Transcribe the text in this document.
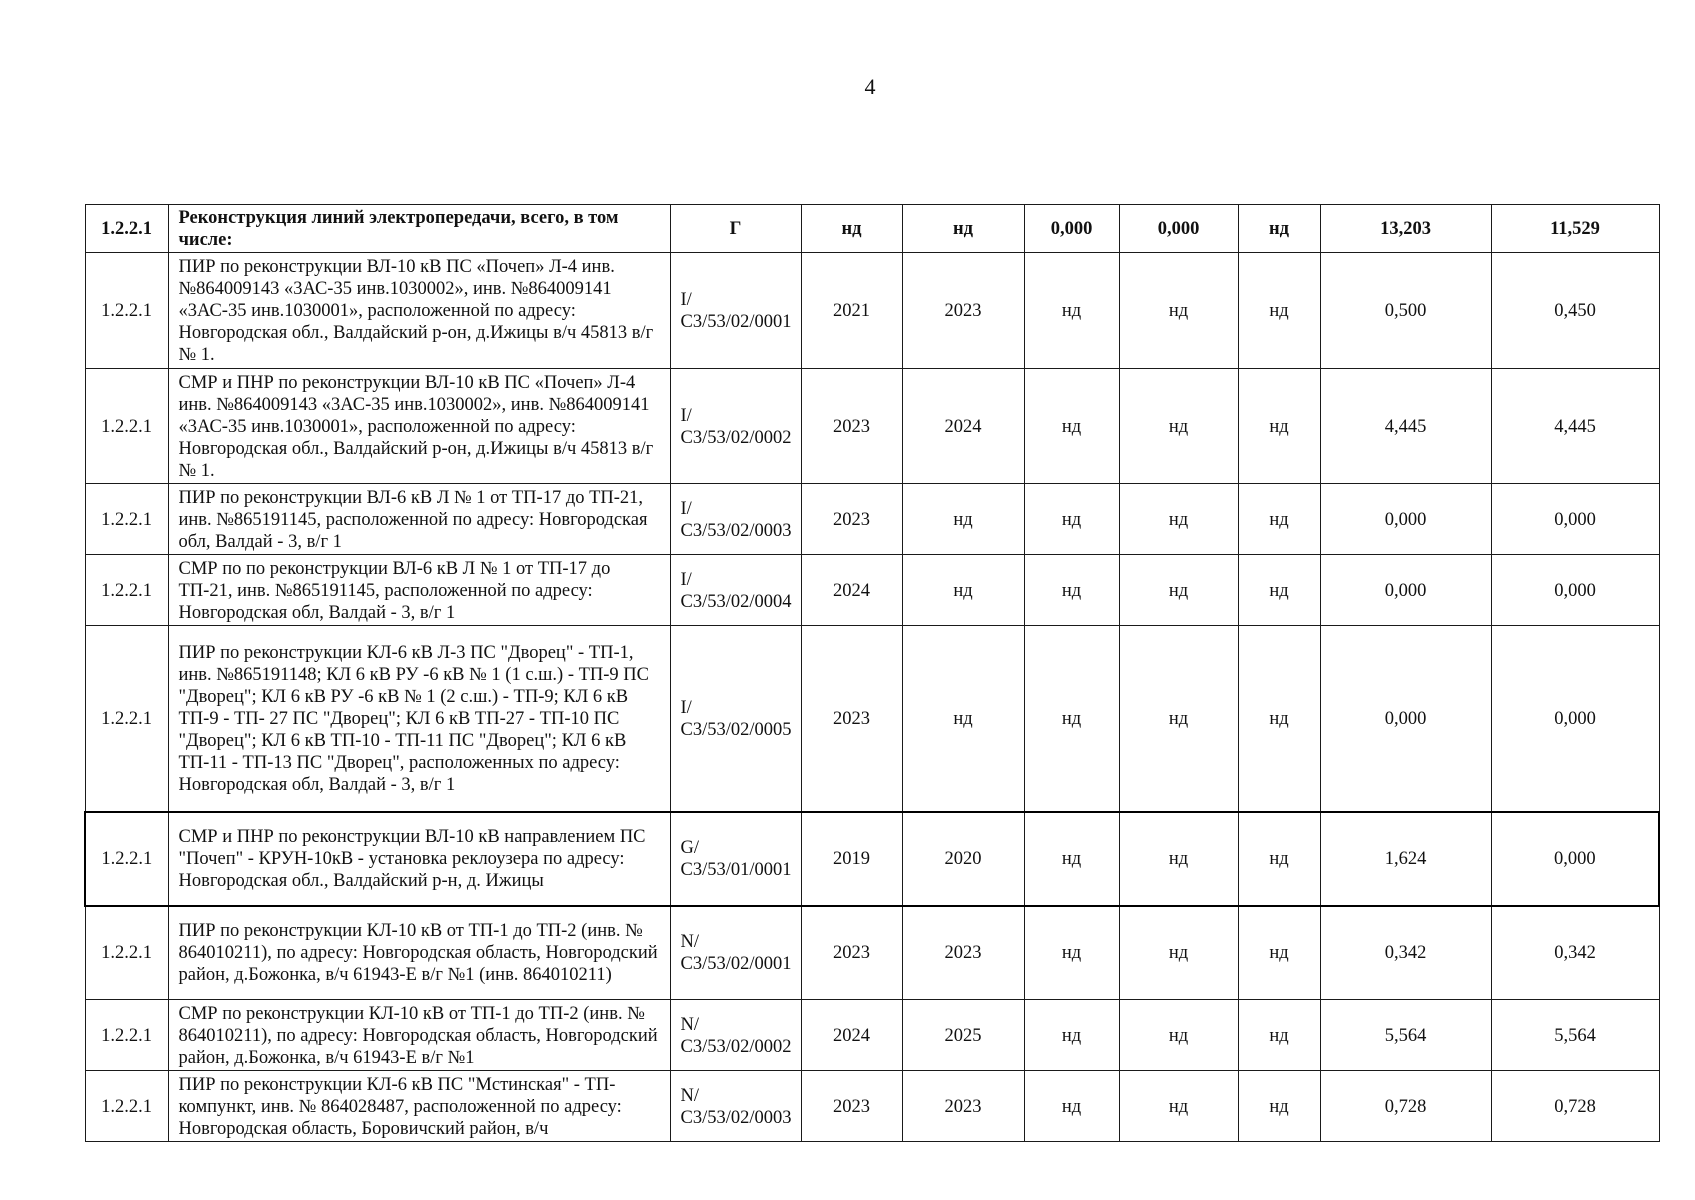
4
1.2.2.1	Реконструкция линий электропередачи, всего, в том числе:	Г	нд	нд	0,000	0,000	нд	13,203	11,529
1.2.2.1	ПИР по реконструкции ВЛ-10 кВ ПС «Почеп» Л-4 инв. №864009143 «3АС-35 инв.1030002», инв. №864009141 «3АС-35 инв.1030001», расположенной по адресу: Новгородская обл., Валдайский р-он, д.Ижицы в/ч 45813 в/г № 1.	I/С3/53/02/0001	2021	2023	нд	нд	нд	0,500	0,450
1.2.2.1	СМР и ПНР по реконструкции ВЛ-10 кВ ПС «Почеп» Л-4 инв. №864009143 «3АС-35 инв.1030002», инв. №864009141 «3АС-35 инв.1030001», расположенной по адресу: Новгородская обл., Валдайский р-он, д.Ижицы в/ч 45813 в/г № 1.	I/С3/53/02/0002	2023	2024	нд	нд	нд	4,445	4,445
1.2.2.1	ПИР по реконструкции ВЛ-6 кВ Л № 1 от ТП-17 до ТП-21, инв. №865191145, расположенной по адресу: Новгородская обл, Валдай - 3, в/г 1	I/С3/53/02/0003	2023	нд	нд	нд	нд	0,000	0,000
1.2.2.1	СМР по по реконструкции ВЛ-6 кВ Л № 1 от ТП-17 до ТП-21, инв. №865191145, расположенной по адресу: Новгородская обл, Валдай - 3, в/г 1	I/С3/53/02/0004	2024	нд	нд	нд	нд	0,000	0,000
1.2.2.1	ПИР по реконструкции КЛ-6 кВ Л-3 ПС "Дворец" - ТП-1, инв. №865191148; КЛ 6 кВ РУ -6 кВ № 1 (1 с.ш.) - ТП-9 ПС "Дворец"; КЛ 6 кВ РУ -6 кВ № 1 (2 с.ш.) - ТП-9; КЛ 6 кВ ТП-9 - ТП- 27 ПС "Дворец"; КЛ 6 кВ ТП-27 - ТП-10 ПС "Дворец"; КЛ 6 кВ ТП-10 - ТП-11 ПС "Дворец"; КЛ 6 кВ ТП-11 - ТП-13 ПС "Дворец", расположенных по адресу: Новгородская обл, Валдай - 3, в/г 1	I/С3/53/02/0005	2023	нд	нд	нд	нд	0,000	0,000
1.2.2.1	СМР и ПНР по реконструкции ВЛ-10 кВ направлением ПС "Почеп" - КРУН-10кВ - установка реклоузера по адресу: Новгородская обл., Валдайский р-н, д. Ижицы	G/С3/53/01/0001	2019	2020	нд	нд	нд	1,624	0,000
1.2.2.1	ПИР по реконструкции КЛ-10 кВ от ТП-1 до ТП-2 (инв. № 864010211), по адресу: Новгородская область, Новгородский район, д.Божонка, в/ч 61943-Е в/г №1 (инв. 864010211)	N/С3/53/02/0001	2023	2023	нд	нд	нд	0,342	0,342
1.2.2.1	СМР по реконструкции КЛ-10 кВ от ТП-1 до ТП-2 (инв. № 864010211), по адресу: Новгородская область, Новгородский район, д.Божонка, в/ч 61943-Е в/г №1	N/С3/53/02/0002	2024	2025	нд	нд	нд	5,564	5,564
1.2.2.1	ПИР по реконструкции КЛ-6 кВ ПС "Мстинская" - ТП- компункт, инв. № 864028487, расположенной по адресу: Новгородская область, Боровичский район, в/ч	N/С3/53/02/0003	2023	2023	нд	нд	нд	0,728	0,728
